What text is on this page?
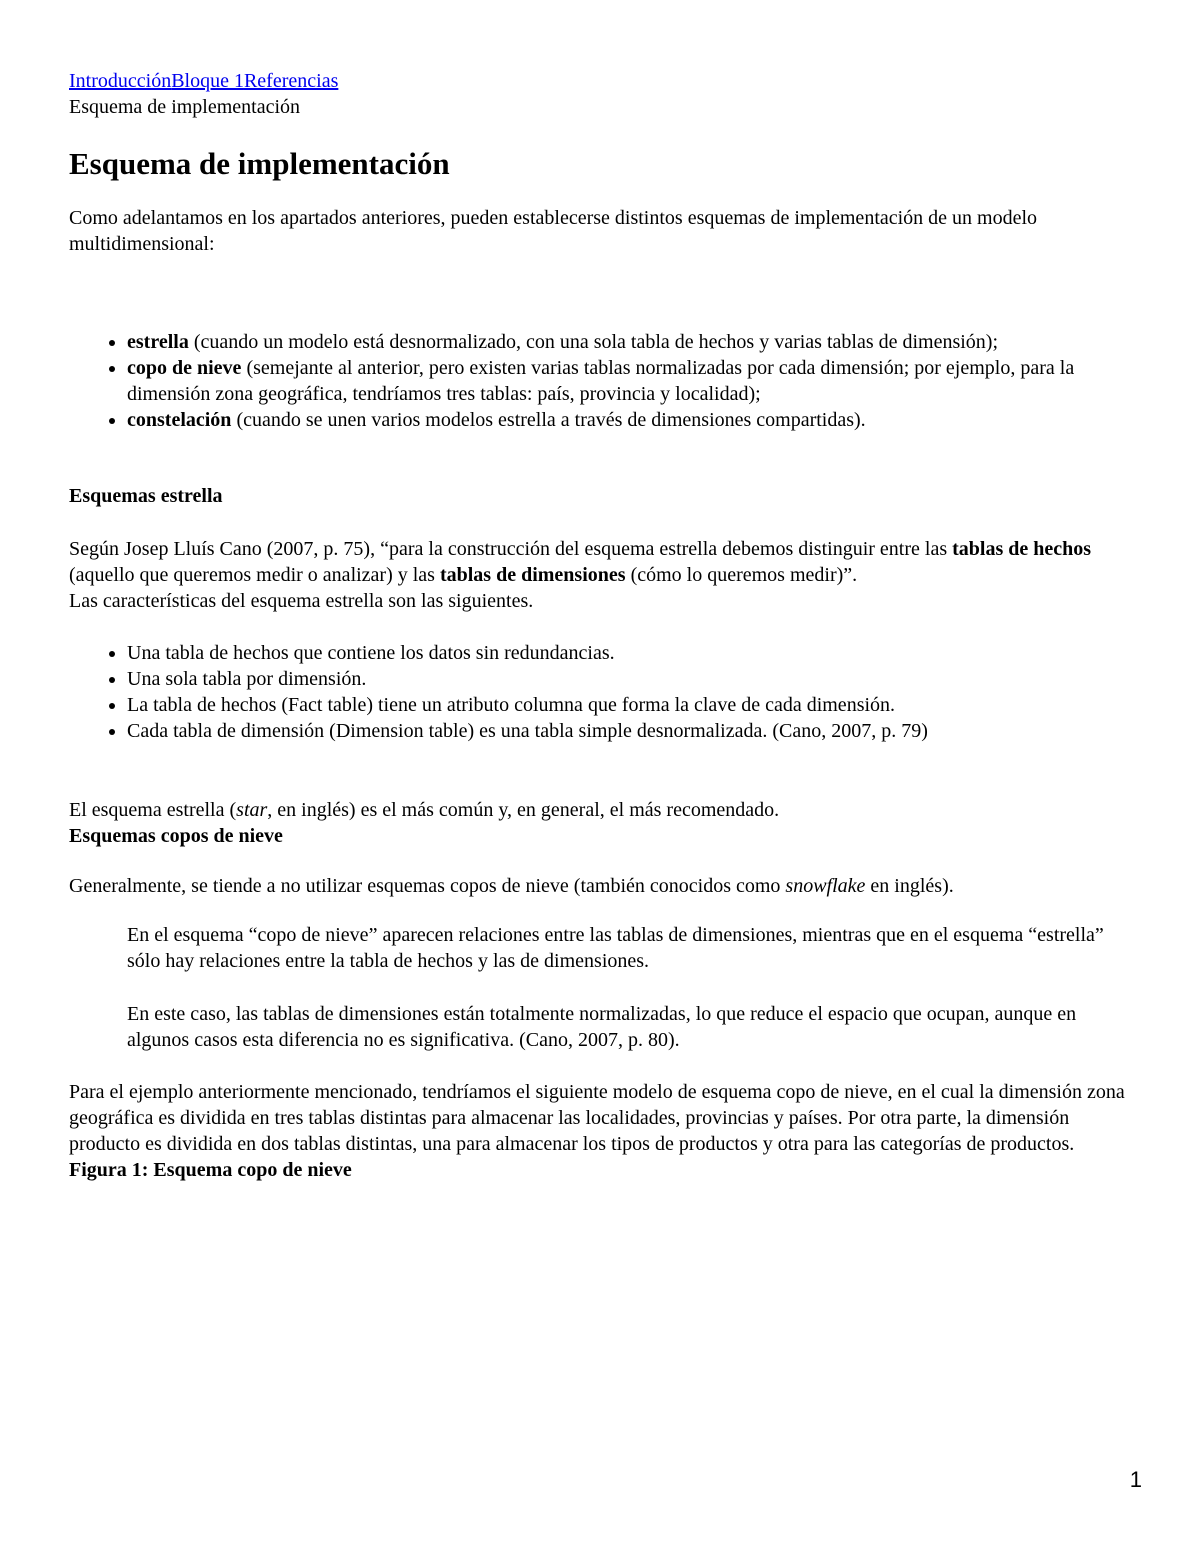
IntroducciónBloque 1Referencias

Esquema de implementación

Esquema de implementación

Como adelantamos en los apartados anteriores, pueden establecerse distintos esquemas de implementación de un modelo multidimensional:

• estrella (cuando un modelo está desnormalizado, con una sola tabla de hechos y varias tablas de dimensión);
• copo de nieve (semejante al anterior, pero existen varias tablas normalizadas por cada dimensión; por ejemplo, para la dimensión zona geográfica, tendríamos tres tablas: país, provincia y localidad);
• constelación (cuando se unen varios modelos estrella a través de dimensiones compartidas).
Esquemas estrella

Según Josep Lluís Cano (2007, p. 75), “para la construcción del esquema estrella debemos distinguir entre las tablas de hechos (aquello que queremos medir o analizar) y las tablas de dimensiones (cómo lo queremos medir)”.

Las características del esquema estrella son las siguientes.

• Una tabla de hechos que contiene los datos sin redundancias.
• Una sola tabla por dimensión.
• La tabla de hechos (Fact table) tiene un atributo columna que forma la clave de cada dimensión.
• Cada tabla de dimensión (Dimension table) es una tabla simple desnormalizada. (Cano, 2007, p. 79)

El esquema estrella (star, en inglés) es el más común y, en general, el más recomendado.

Esquemas copos de nieve

Generalmente, se tiende a no utilizar esquemas copos de nieve (también conocidos como snowflake en inglés).

En el esquema “copo de nieve” aparecen relaciones entre las tablas de dimensiones, mientras que en el esquema “estrella” sólo hay relaciones entre la tabla de hechos y las de dimensiones.
En este caso, las tablas de dimensiones están totalmente normalizadas, lo que reduce el espacio que ocupan, aunque en algunos casos esta diferencia no es significativa. (Cano, 2007, p. 80).

Para el ejemplo anteriormente mencionado, tendríamos el siguiente modelo de esquema copo de nieve, en el cual la dimensión zona geográfica es dividida en tres tablas distintas para almacenar las localidades, provincias y países. Por otra parte, la dimensión producto es dividida en dos tablas distintas, una para almacenar los tipos de productos y otra para las categorías de productos.

Figura 1: Esquema copo de nieve

1
